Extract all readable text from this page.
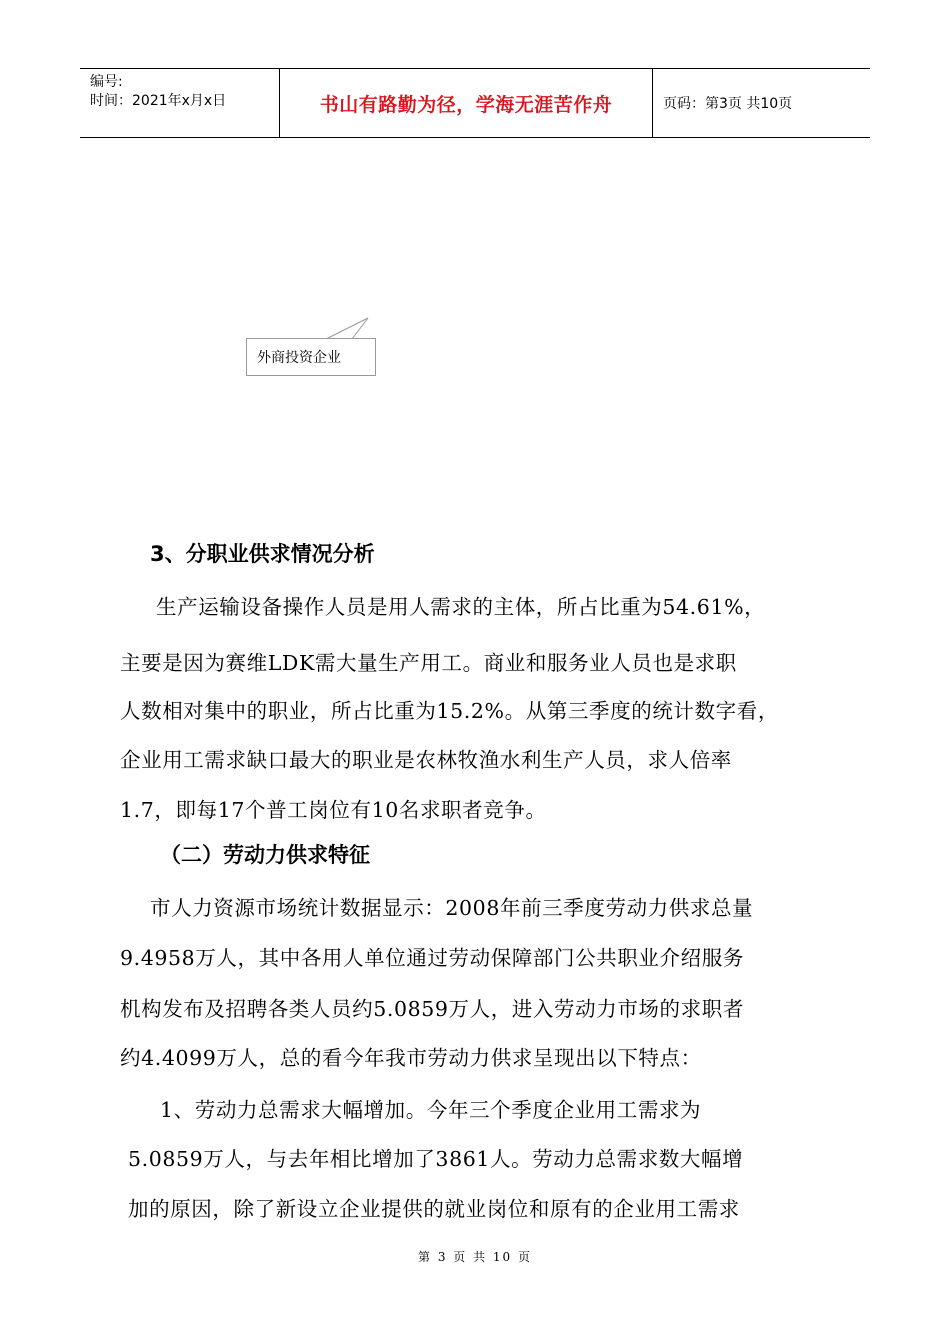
编号:
时间：2021年x月x日	书山有路勤为径，学海无涯苦作舟	页码：第3页 共10页
外商投资企业
3、分职业供求情况分析
生产运输设备操作人员是用人需求的主体，所占比重为54.61%，
主要是因为赛维LDK需大量生产用工。商业和服务业人员也是求职
人数相对集中的职业，所占比重为15.2%。从第三季度的统计数字看，
企业用工需求缺口最大的职业是农林牧渔水利生产人员，求人倍率
1.7，即每17个普工岗位有10名求职者竞争。
（二）劳动力供求特征
市人力资源市场统计数据显示：2008年前三季度劳动力供求总量
9.4958万人，其中各用人单位通过劳动保障部门公共职业介绍服务
机构发布及招聘各类人员约5.0859万人，进入劳动力市场的求职者
约4.4099万人，总的看今年我市劳动力供求呈现出以下特点：
1、劳动力总需求大幅增加。今年三个季度企业用工需求为
5.0859万人，与去年相比增加了3861人。劳动力总需求数大幅增
加的原因，除了新设立企业提供的就业岗位和原有的企业用工需求
第 3 页 共 10 页
